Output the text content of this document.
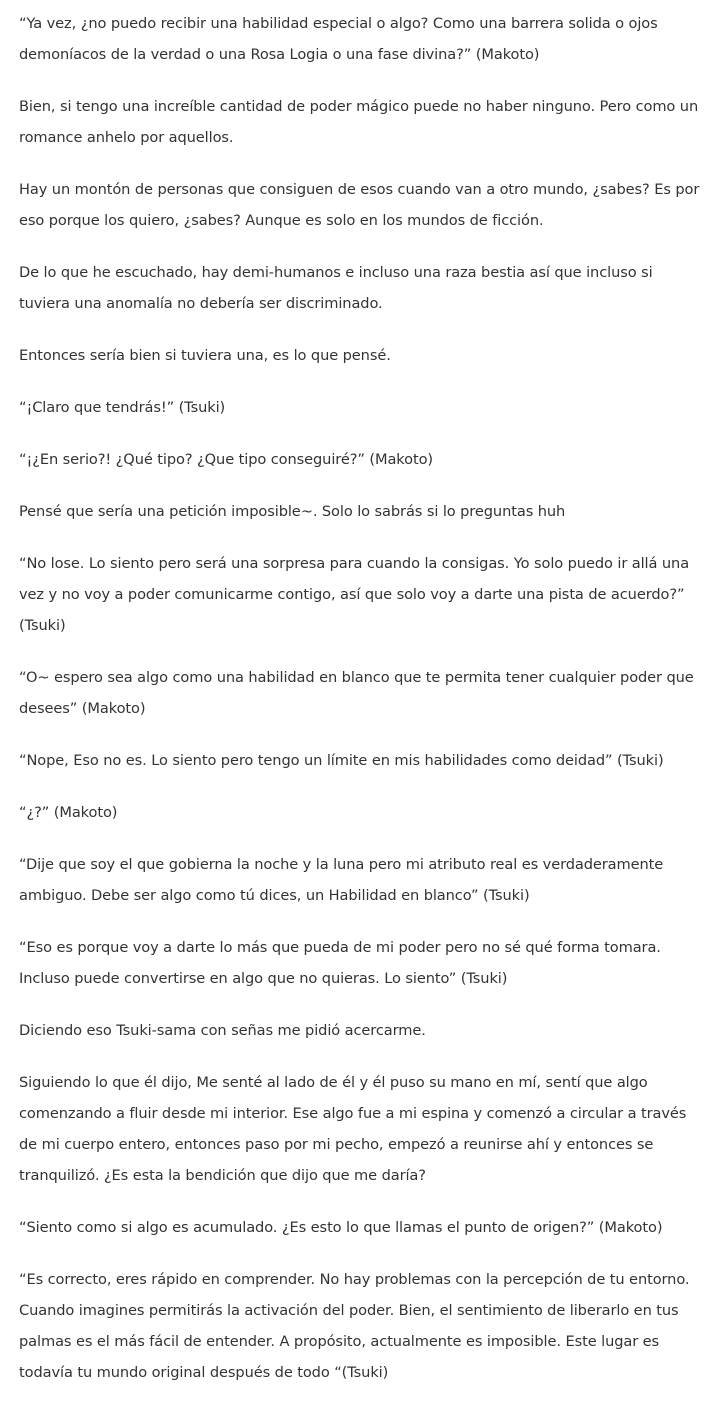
“Ya vez, ¿no puedo recibir una habilidad especial o algo? Como una barrera solida o ojos demoníacos de la verdad o una Rosa Logia o una fase divina?” (Makoto)

Bien, si tengo una increíble cantidad de poder mágico puede no haber ninguno. Pero como un romance anhelo por aquellos.

Hay un montón de personas que consiguen de esos cuando van a otro mundo, ¿sabes? Es por eso porque los quiero, ¿sabes? Aunque es solo en los mundos de ficción.

De lo que he escuchado, hay demi-humanos e incluso una raza bestia así que incluso si tuviera una anomalía no debería ser discriminado.

Entonces sería bien si tuviera una, es lo que pensé.

“¡Claro que tendrás!” (Tsuki)

“¡¿En serio?! ¿Qué tipo? ¿Que tipo conseguiré?” (Makoto)

Pensé que sería una petición imposible~. Solo lo sabrás si lo preguntas huh

“No lose. Lo siento pero será una sorpresa para cuando la consigas. Yo solo puedo ir allá una vez y no voy a poder comunicarme contigo, así que solo voy a darte una pista de acuerdo?” (Tsuki)

“O~ espero sea algo como una habilidad en blanco que te permita tener cualquier poder que desees” (Makoto)

“Nope, Eso no es. Lo siento pero tengo un límite en mis habilidades como deidad” (Tsuki)

“¿?” (Makoto)

“Dije que soy el que gobierna la noche y la luna pero mi atributo real es verdaderamente ambiguo. Debe ser algo como tú dices, un Habilidad en blanco” (Tsuki)

“Eso es porque voy a darte lo más que pueda de mi poder pero no sé qué forma tomara. Incluso puede convertirse en algo que no quieras. Lo siento” (Tsuki)

Diciendo eso Tsuki-sama con señas me pidió acercarme.

Siguiendo lo que él dijo, Me senté al lado de él y él puso su mano en mí, sentí que algo comenzando a fluir desde mi interior. Ese algo fue a mi espina y comenzó a circular a través de mi cuerpo entero, entonces paso por mi pecho, empezó a reunirse ahí y entonces se tranquilizó. ¿Es esta la bendición que dijo que me daría?

“Siento como si algo es acumulado. ¿Es esto lo que llamas el punto de origen?” (Makoto)

“Es correcto, eres rápido en comprender. No hay problemas con la percepción de tu entorno. Cuando imagines permitirás la activación del poder. Bien, el sentimiento de liberarlo en tus palmas es el más fácil de entender. A propósito, actualmente es imposible. Este lugar es todavía tu mundo original después de todo “(Tsuki)
